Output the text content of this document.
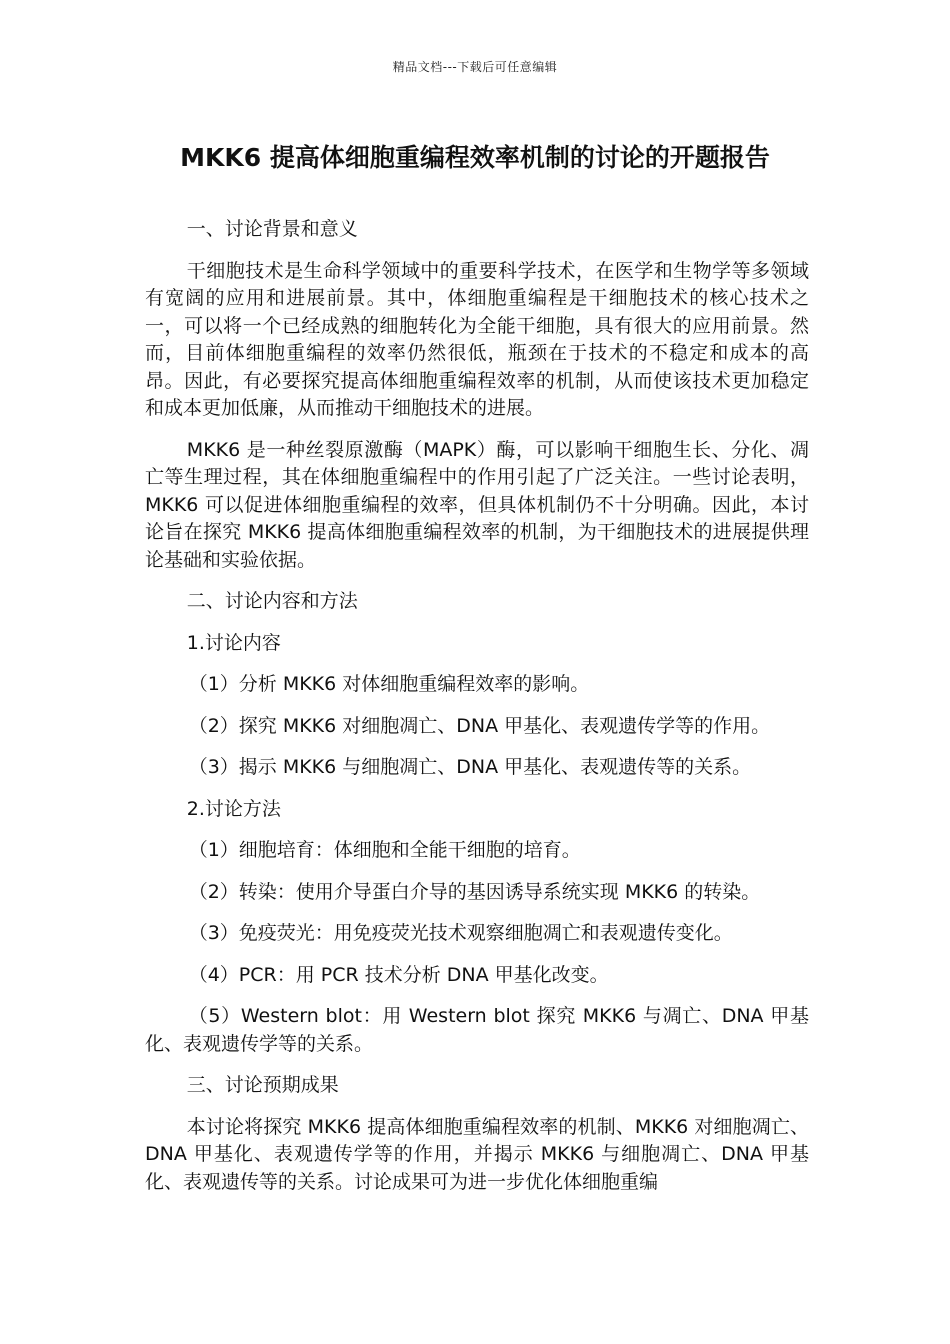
精品文档---下载后可任意编辑
MKK6 提高体细胞重编程效率机制的讨论的开题报告

一、讨论背景和意义

干细胞技术是生命科学领域中的重要科学技术，在医学和生物学等多领域有宽阔的应用和进展前景。其中，体细胞重编程是干细胞技术的核心技术之一，可以将一个已经成熟的细胞转化为全能干细胞，具有很大的应用前景。然而，目前体细胞重编程的效率仍然很低，瓶颈在于技术的不稳定和成本的高昂。因此，有必要探究提高体细胞重编程效率的机制，从而使该技术更加稳定和成本更加低廉，从而推动干细胞技术的进展。

MKK6 是一种丝裂原激酶（MAPK）酶，可以影响干细胞生长、分化、凋亡等生理过程，其在体细胞重编程中的作用引起了广泛关注。一些讨论表明，MKK6 可以促进体细胞重编程的效率，但具体机制仍不十分明确。因此，本讨论旨在探究 MKK6 提高体细胞重编程效率的机制，为干细胞技术的进展提供理论基础和实验依据。

二、讨论内容和方法

1.讨论内容

（1）分析 MKK6 对体细胞重编程效率的影响。

（2）探究 MKK6 对细胞凋亡、DNA 甲基化、表观遗传学等的作用。

（3）揭示 MKK6 与细胞凋亡、DNA 甲基化、表观遗传等的关系。

2.讨论方法

（1）细胞培育：体细胞和全能干细胞的培育。

（2）转染：使用介导蛋白介导的基因诱导系统实现 MKK6 的转染。

（3）免疫荧光：用免疫荧光技术观察细胞凋亡和表观遗传变化。

（4）PCR：用 PCR 技术分析 DNA 甲基化改变。

（5）Western blot：用 Western blot 探究 MKK6 与凋亡、DNA 甲基化、表观遗传学等的关系。

三、讨论预期成果

本讨论将探究 MKK6 提高体细胞重编程效率的机制、MKK6 对细胞凋亡、DNA 甲基化、表观遗传学等的作用，并揭示 MKK6 与细胞凋亡、DNA 甲基化、表观遗传等的关系。讨论成果可为进一步优化体细胞重编
